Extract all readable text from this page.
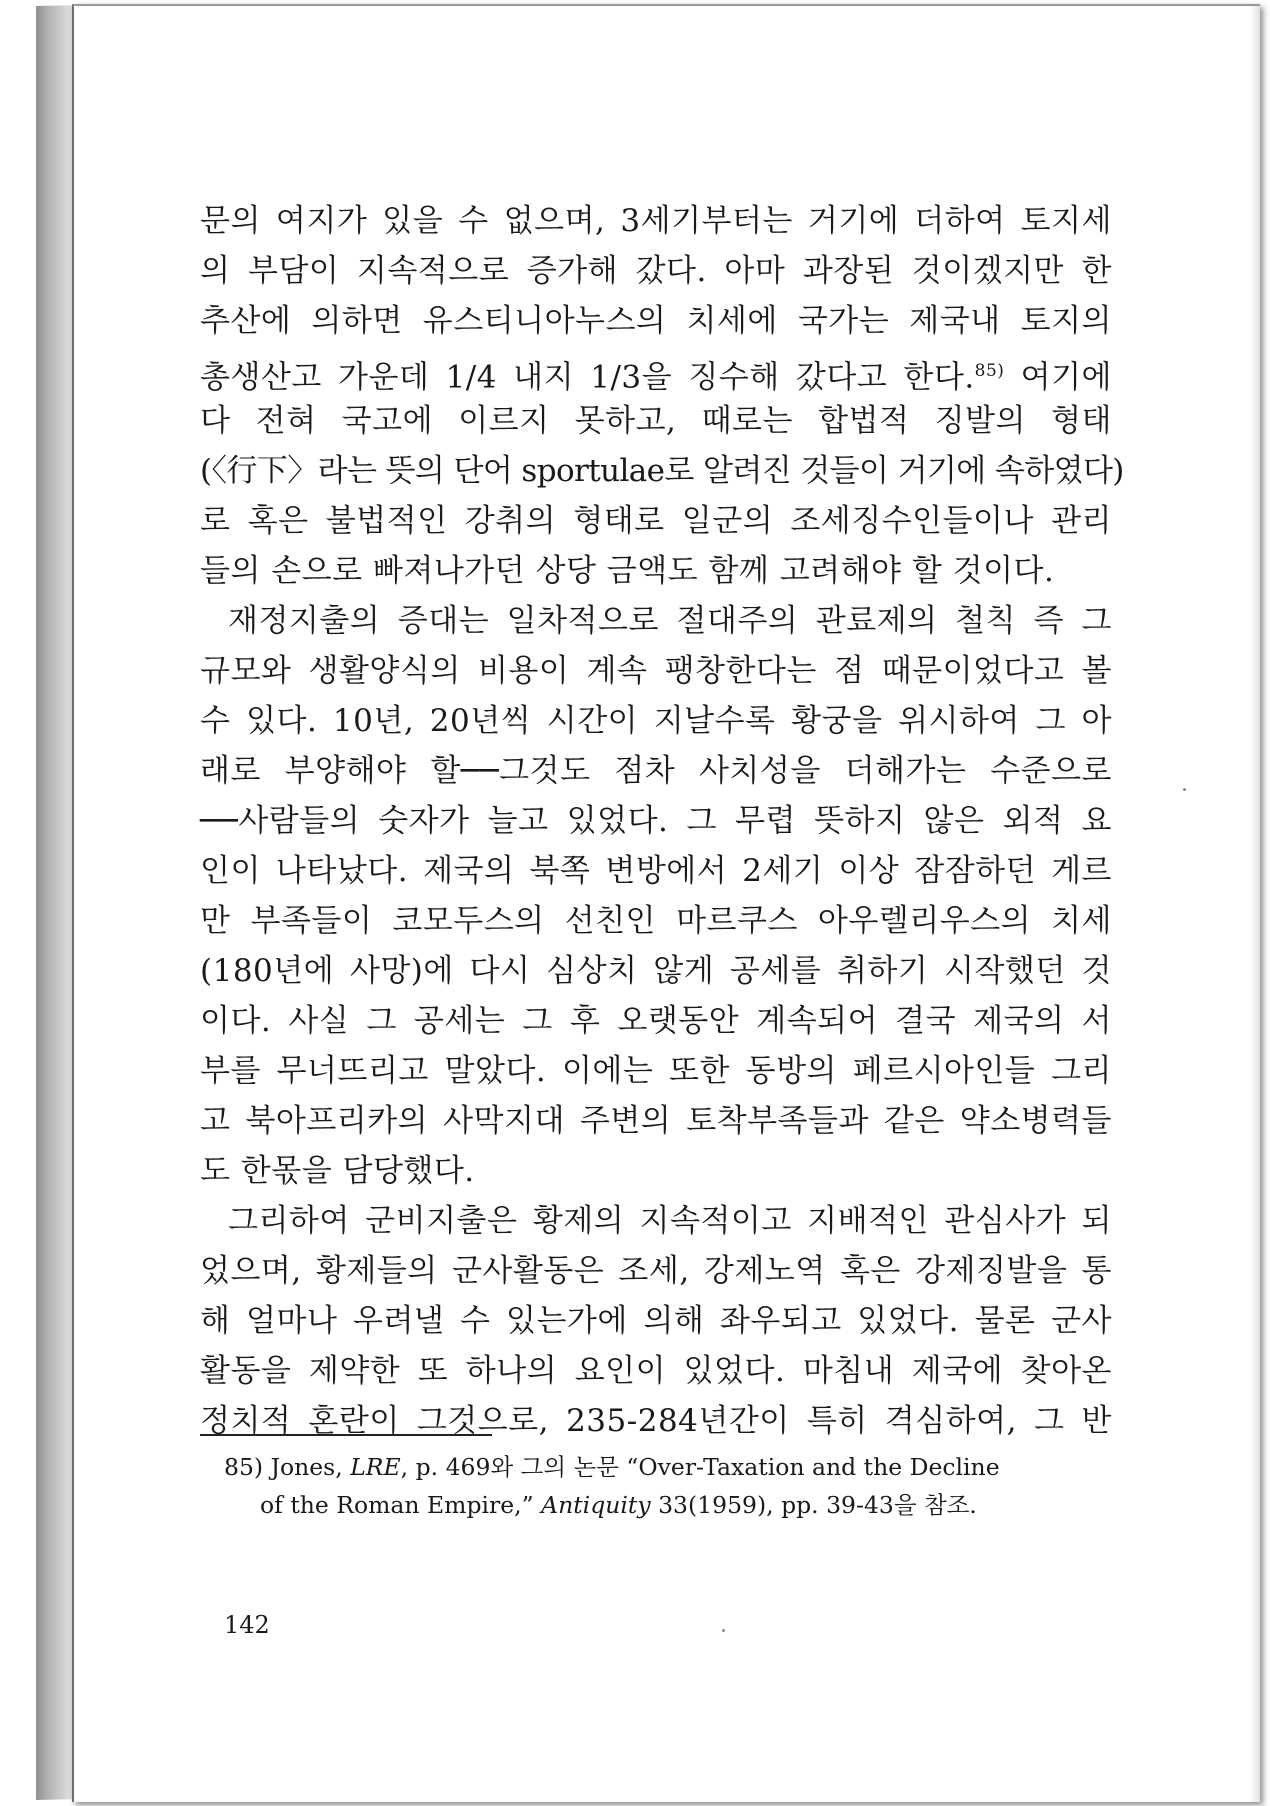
문의 여지가 있을 수 없으며, 3세기부터는 거기에 더하여 토지세
의 부담이 지속적으로 증가해 갔다. 아마 과장된 것이겠지만 한
추산에 의하면 유스티니아누스의 치세에 국가는 제국내 토지의
총생산고 가운데 1/4 내지 1/3을 징수해 갔다고 한다.$^{85)}$ 여기에
다 전혀 국고에 이르지 못하고, 때로는 합법적 징발의 형태
(〈行下〉라는 뜻의 단어 sportulae로 알려진 것들이 거기에 속하였다)
로 혹은 불법적인 강취의 형태로 일군의 조세징수인들이나 관리
들의 손으로 빠져나가던 상당 금액도 함께 고려해야 할 것이다.
재정지출의 증대는 일차적으로 절대주의 관료제의 철칙 즉 그
규모와 생활양식의 비용이 계속 팽창한다는 점 때문이었다고 볼
수 있다. 10년, 20년씩 시간이 지날수록 황궁을 위시하여 그 아
래로 부양해야 할──그것도 점차 사치성을 더해가는 수준으로
──사람들의 숫자가 늘고 있었다. 그 무렵 뜻하지 않은 외적 요
인이 나타났다. 제국의 북쪽 변방에서 2세기 이상 잠잠하던 게르
만 부족들이 코모두스의 선친인 마르쿠스 아우렐리우스의 치세
(180년에 사망)에 다시 심상치 않게 공세를 취하기 시작했던 것
이다. 사실 그 공세는 그 후 오랫동안 계속되어 결국 제국의 서
부를 무너뜨리고 말았다. 이에는 또한 동방의 페르시아인들 그리
고 북아프리카의 사막지대 주변의 토착부족들과 같은 약소병력들
도 한몫을 담당했다.
그리하여 군비지출은 황제의 지속적이고 지배적인 관심사가 되
었으며, 황제들의 군사활동은 조세, 강제노역 혹은 강제징발을 통
해 얼마나 우려낼 수 있는가에 의해 좌우되고 있었다. 물론 군사
활동을 제약한 또 하나의 요인이 있었다. 마침내 제국에 찾아온
정치적 혼란이 그것으로, 235-284년간이 특히 격심하여, 그 반
85) Jones, LRE, p. 469와 그의 논문 “Over-Taxation and the Decline
of the Roman Empire,” Antiquity 33(1959), pp. 39-43을 참조.
142
